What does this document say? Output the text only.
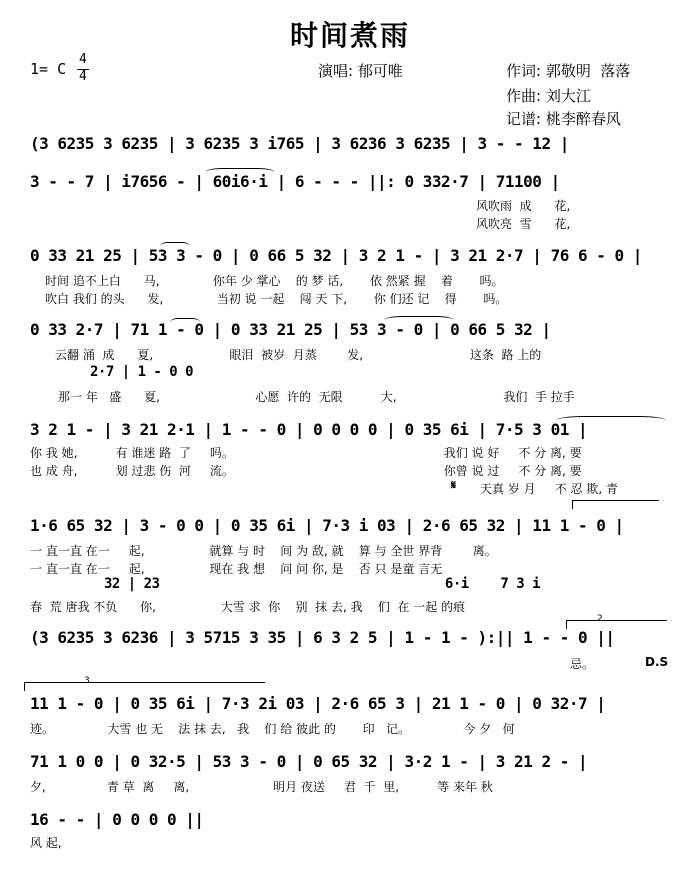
时间煮雨
1= C
4
4	演唱: 郁可唯	作词: 郭敬明  落落
作曲: 刘大江
记谱: 桃李醉春风
(3 6235 3 6235 | 3 6235 3 i765 | 3 6236 3 6235 | 3 - - 12 |
3 - - 7 | i7656 - | 60i6·i | 6 - - - ||: 0 332·7 | 71100 |
风吹雨  成      花,
风吹亮  雪      花,
0 33 21 25 | 53 3 - 0 | 0 66 5 32 | 3 2 1 - | 3 21 2·7 | 76 6 - 0 |
时间 追不上白      马,              你年 少 掌心    的 梦 话,       依 然紧 握    着       吗。
吹白 我们 的头      发,              当初 说 一起    闯 天 下,       你 们还 记    得       吗。
0 33 2·7 | 71 1 - 0 | 0 33 21 25 | 53 3 - 0 | 0 66 5 32 |
云翻 涌  成      夏,                    眼泪  被岁  月蒸        发,                            这条  路 上的
2·7 | 1 - 0 0
那一 年   盛      夏,                         心愿  许的  无限          大,                            我们  手 拉手
3 2 1 - | 3 21 2·1 | 1 - - 0 | 0 0 0 0 | 0 35 6i | 7·5 3 01 |
你 我 她,          有 谁迷 路  了     吗。                                                       我们 说 好     不 分 离, 要
也 成 舟,          划 过悲 伤  河     流。                                                       你曾 说 过     不 分 离, 要
𝄋 天真 岁 月     不 忍 欺, 青
1·6 65 32 | 3 - 0 0 | 0 35 6i | 7·3 i 03 | 2·6 65 32 | 11 1 - 0 |
一 直一直 在一     起,                 就算 与 时    间 为 敌, 就    算 与 全世 界背        离。
一 直一直 在一     起,                 现在 我 想    问 问 你, 是    否 只 是童 言无
32 | 23                                    6·i    7 3 i
春  荒 唐我 不负      你,                 大雪 求  你    别  抹 去, 我    们  在 一起 的痕
(3 6235 3 6236 | 3 5715 3 35 | 6 3 2 5 | 1 - 1 - ):|| 1 - - 0 ||
忌。	D.S
11 1 - 0 | 0 35 6i | 7·3 2i 03 | 2·6 65 3 | 21 1 - 0 | 0 32·7 |
迹。              大雪 也 无    法 抹 去,   我    们 给 彼此 的       印   记。              今 夕   何
71 1 0 0 | 0 32·5 | 53 3 - 0 | 0 65 32 | 3·2 1 - | 3 21 2 - |
夕,                青 草  离     离,                      明月 夜送     君  千  里,          等 来年 秋
16 - - | 0 0 0 0 ||
风 起,
2
3
